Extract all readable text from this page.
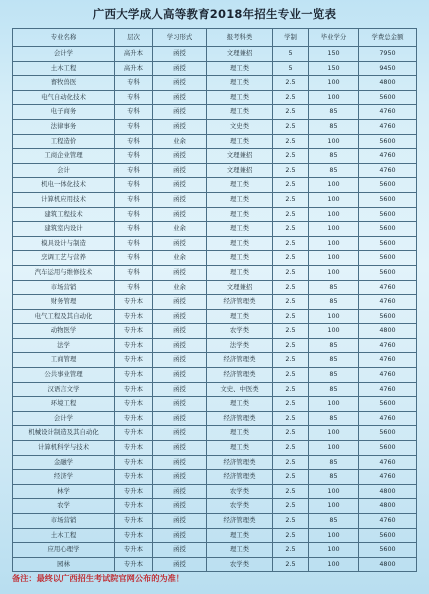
广西大学成人高等教育2018年招生专业一览表
专业名称	层次	学习形式	报考科类	学制	毕业学分	学费总金额
会计学	高升本	函授	文理兼招	5	150	7950
土木工程	高升本	函授	理工类	5	150	9450
畜牧兽医	专科	函授	理工类	2.5	100	4800
电气自动化技术	专科	函授	理工类	2.5	100	5600
电子商务	专科	函授	理工类	2.5	85	4760
法律事务	专科	函授	文史类	2.5	85	4760
工程造价	专科	业余	理工类	2.5	100	5600
工商企业管理	专科	函授	文理兼招	2.5	85	4760
会计	专科	函授	文理兼招	2.5	85	4760
机电一体化技术	专科	函授	理工类	2.5	100	5600
计算机应用技术	专科	函授	理工类	2.5	100	5600
建筑工程技术	专科	函授	理工类	2.5	100	5600
建筑室内设计	专科	业余	理工类	2.5	100	5600
模具设计与制造	专科	函授	理工类	2.5	100	5600
烹调工艺与营养	专科	业余	理工类	2.5	100	5600
汽车运用与维修技术	专科	函授	理工类	2.5	100	5600
市场营销	专科	业余	文理兼招	2.5	85	4760
财务管理	专升本	函授	经济管理类	2.5	85	4760
电气工程及其自动化	专升本	函授	理工类	2.5	100	5600
动物医学	专升本	函授	农学类	2.5	100	4800
法学	专升本	函授	法学类	2.5	85	4760
工商管理	专升本	函授	经济管理类	2.5	85	4760
公共事业管理	专升本	函授	经济管理类	2.5	85	4760
汉语言文学	专升本	函授	文史、中医类	2.5	85	4760
环境工程	专升本	函授	理工类	2.5	100	5600
会计学	专升本	函授	经济管理类	2.5	85	4760
机械设计制造及其自动化	专升本	函授	理工类	2.5	100	5600
计算机科学与技术	专升本	函授	理工类	2.5	100	5600
金融学	专升本	函授	经济管理类	2.5	85	4760
经济学	专升本	函授	经济管理类	2.5	85	4760
林学	专升本	函授	农学类	2.5	100	4800
农学	专升本	函授	农学类	2.5	100	4800
市场营销	专升本	函授	经济管理类	2.5	85	4760
土木工程	专升本	函授	理工类	2.5	100	5600
应用心理学	专升本	函授	理工类	2.5	100	5600
园林	专升本	函授	农学类	2.5	100	4800
备注：最终以广西招生考试院官网公布的为准！
